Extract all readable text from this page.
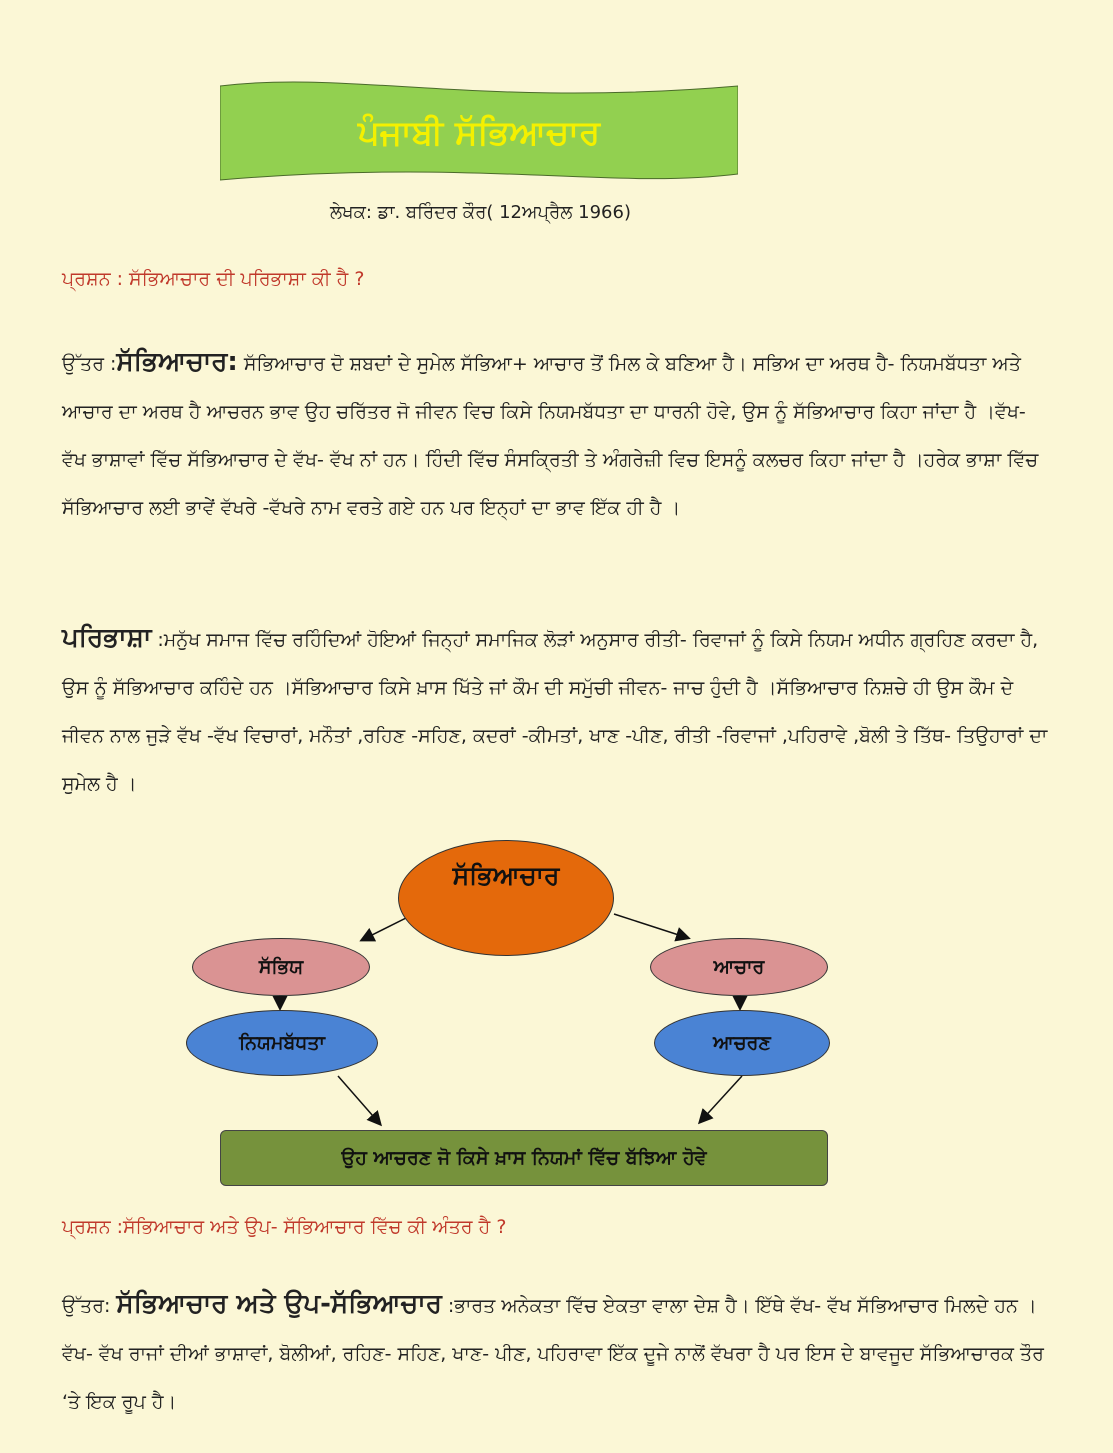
ਪੰਜਾਬੀ ਸੱਭਿਆਚਾਰ
ਲੇਖਕ: ਡਾ. ਬਰਿੰਦਰ ਕੌਰ( 12ਅਪ੍ਰੈਲ 1966)
ਪ੍ਰਸ਼ਨ : ਸੱਭਿਆਚਾਰ ਦੀ ਪਰਿਭਾਸ਼ਾ ਕੀ ਹੈ ?
ਉੱਤਰ :ਸੱਭਿਆਚਾਰ: ਸੱਭਿਆਚਾਰ ਦੋ ਸ਼ਬਦਾਂ ਦੇ ਸੁਮੇਲ ਸੱਭਿਆ+ ਆਚਾਰ ਤੋਂ ਮਿਲ ਕੇ ਬਣਿਆ ਹੈ। ਸਭਿਅ ਦਾ ਅਰਥ ਹੈ- ਨਿਯਮਬੱਧਤਾ ਅਤੇ ਆਚਾਰ ਦਾ ਅਰਥ ਹੈ ਆਚਰਨ ਭਾਵ ਉਹ ਚਰਿੱਤਰ ਜੋ ਜੀਵਨ ਵਿਚ ਕਿਸੇ ਨਿਯਮਬੱਧਤਾ ਦਾ ਧਾਰਨੀ ਹੋਵੇ, ਉਸ ਨੂੰ ਸੱਭਿਆਚਾਰ ਕਿਹਾ ਜਾਂਦਾ ਹੈ ।ਵੱਖ- ਵੱਖ ਭਾਸ਼ਾਵਾਂ ਵਿੱਚ ਸੱਭਿਆਚਾਰ ਦੇ ਵੱਖ- ਵੱਖ ਨਾਂ ਹਨ। ਹਿੰਦੀ ਵਿੱਚ ਸੰਸਕ੍ਰਿਤੀ ਤੇ ਅੰਗਰੇਜ਼ੀ ਵਿਚ ਇਸਨੂੰ ਕਲਚਰ ਕਿਹਾ ਜਾਂਦਾ ਹੈ ।ਹਰੇਕ ਭਾਸ਼ਾ ਵਿੱਚ ਸੱਭਿਆਚਾਰ ਲਈ ਭਾਵੇਂ ਵੱਖਰੇ -ਵੱਖਰੇ ਨਾਮ ਵਰਤੇ ਗਏ ਹਨ ਪਰ ਇਨ੍ਹਾਂ ਦਾ ਭਾਵ ਇੱਕ ਹੀ ਹੈ ।
ਪਰਿਭਾਸ਼ਾ :ਮਨੁੱਖ ਸਮਾਜ ਵਿੱਚ ਰਹਿੰਦਿਆਂ ਹੋਇਆਂ ਜਿਨ੍ਹਾਂ ਸਮਾਜਿਕ ਲੋੜਾਂ ਅਨੁਸਾਰ ਰੀਤੀ- ਰਿਵਾਜਾਂ ਨੂੰ ਕਿਸੇ ਨਿਯਮ ਅਧੀਨ ਗ੍ਰਹਿਣ ਕਰਦਾ ਹੈ, ਉਸ ਨੂੰ ਸੱਭਿਆਚਾਰ ਕਹਿੰਦੇ ਹਨ ।ਸੱਭਿਆਚਾਰ ਕਿਸੇ ਖ਼ਾਸ ਖਿੱਤੇ ਜਾਂ ਕੌਮ ਦੀ ਸਮੁੱਚੀ ਜੀਵਨ- ਜਾਚ ਹੁੰਦੀ ਹੈ ।ਸੱਭਿਆਚਾਰ ਨਿਸ਼ਚੇ ਹੀ ਉਸ ਕੌਮ ਦੇ ਜੀਵਨ ਨਾਲ ਜੁੜੇ ਵੱਖ -ਵੱਖ ਵਿਚਾਰਾਂ, ਮਨੌਤਾਂ ,ਰਹਿਣ -ਸਹਿਣ, ਕਦਰਾਂ -ਕੀਮਤਾਂ, ਖਾਣ -ਪੀਣ, ਰੀਤੀ -ਰਿਵਾਜਾਂ ,ਪਹਿਰਾਵੇ ,ਬੋਲੀ ਤੇ ਤਿੱਥ- ਤਿਉਹਾਰਾਂ ਦਾ ਸੁਮੇਲ ਹੈ ।
ਸੱਭਿਆਚਾਰ
ਸੱਭਿਯ
ਨਿਯਮਬੱਧਤਾ
ਆਚਾਰ
ਆਚਰਣ
ਉਹ ਆਚਰਣ ਜੋ ਕਿਸੇ ਖ਼ਾਸ ਨਿਯਮਾਂ ਵਿੱਚ ਬੱਝਿਆ ਹੋਵੇ
ਪ੍ਰਸ਼ਨ :ਸੱਭਿਆਚਾਰ ਅਤੇ ਉਪ- ਸੱਭਿਆਚਾਰ ਵਿੱਚ ਕੀ ਅੰਤਰ ਹੈ ?
ਉੱਤਰ: ਸੱਭਿਆਚਾਰ ਅਤੇ ਉਪ-ਸੱਭਿਆਚਾਰ :ਭਾਰਤ ਅਨੇਕਤਾ ਵਿੱਚ ਏਕਤਾ ਵਾਲਾ ਦੇਸ਼ ਹੈ। ਇੱਥੇ ਵੱਖ- ਵੱਖ ਸੱਭਿਆਚਾਰ ਮਿਲਦੇ ਹਨ ।ਵੱਖ- ਵੱਖ ਰਾਜਾਂ ਦੀਆਂ ਭਾਸ਼ਾਵਾਂ, ਬੋਲੀਆਂ, ਰਹਿਣ- ਸਹਿਣ, ਖਾਣ- ਪੀਣ, ਪਹਿਰਾਵਾ ਇੱਕ ਦੂਜੇ ਨਾਲੋਂ ਵੱਖਰਾ ਹੈ ਪਰ ਇਸ ਦੇ ਬਾਵਜੂਦ ਸੱਭਿਆਚਾਰਕ ਤੌਰ ‘ਤੇ ਇਕ ਰੂਪ ਹੈ।
